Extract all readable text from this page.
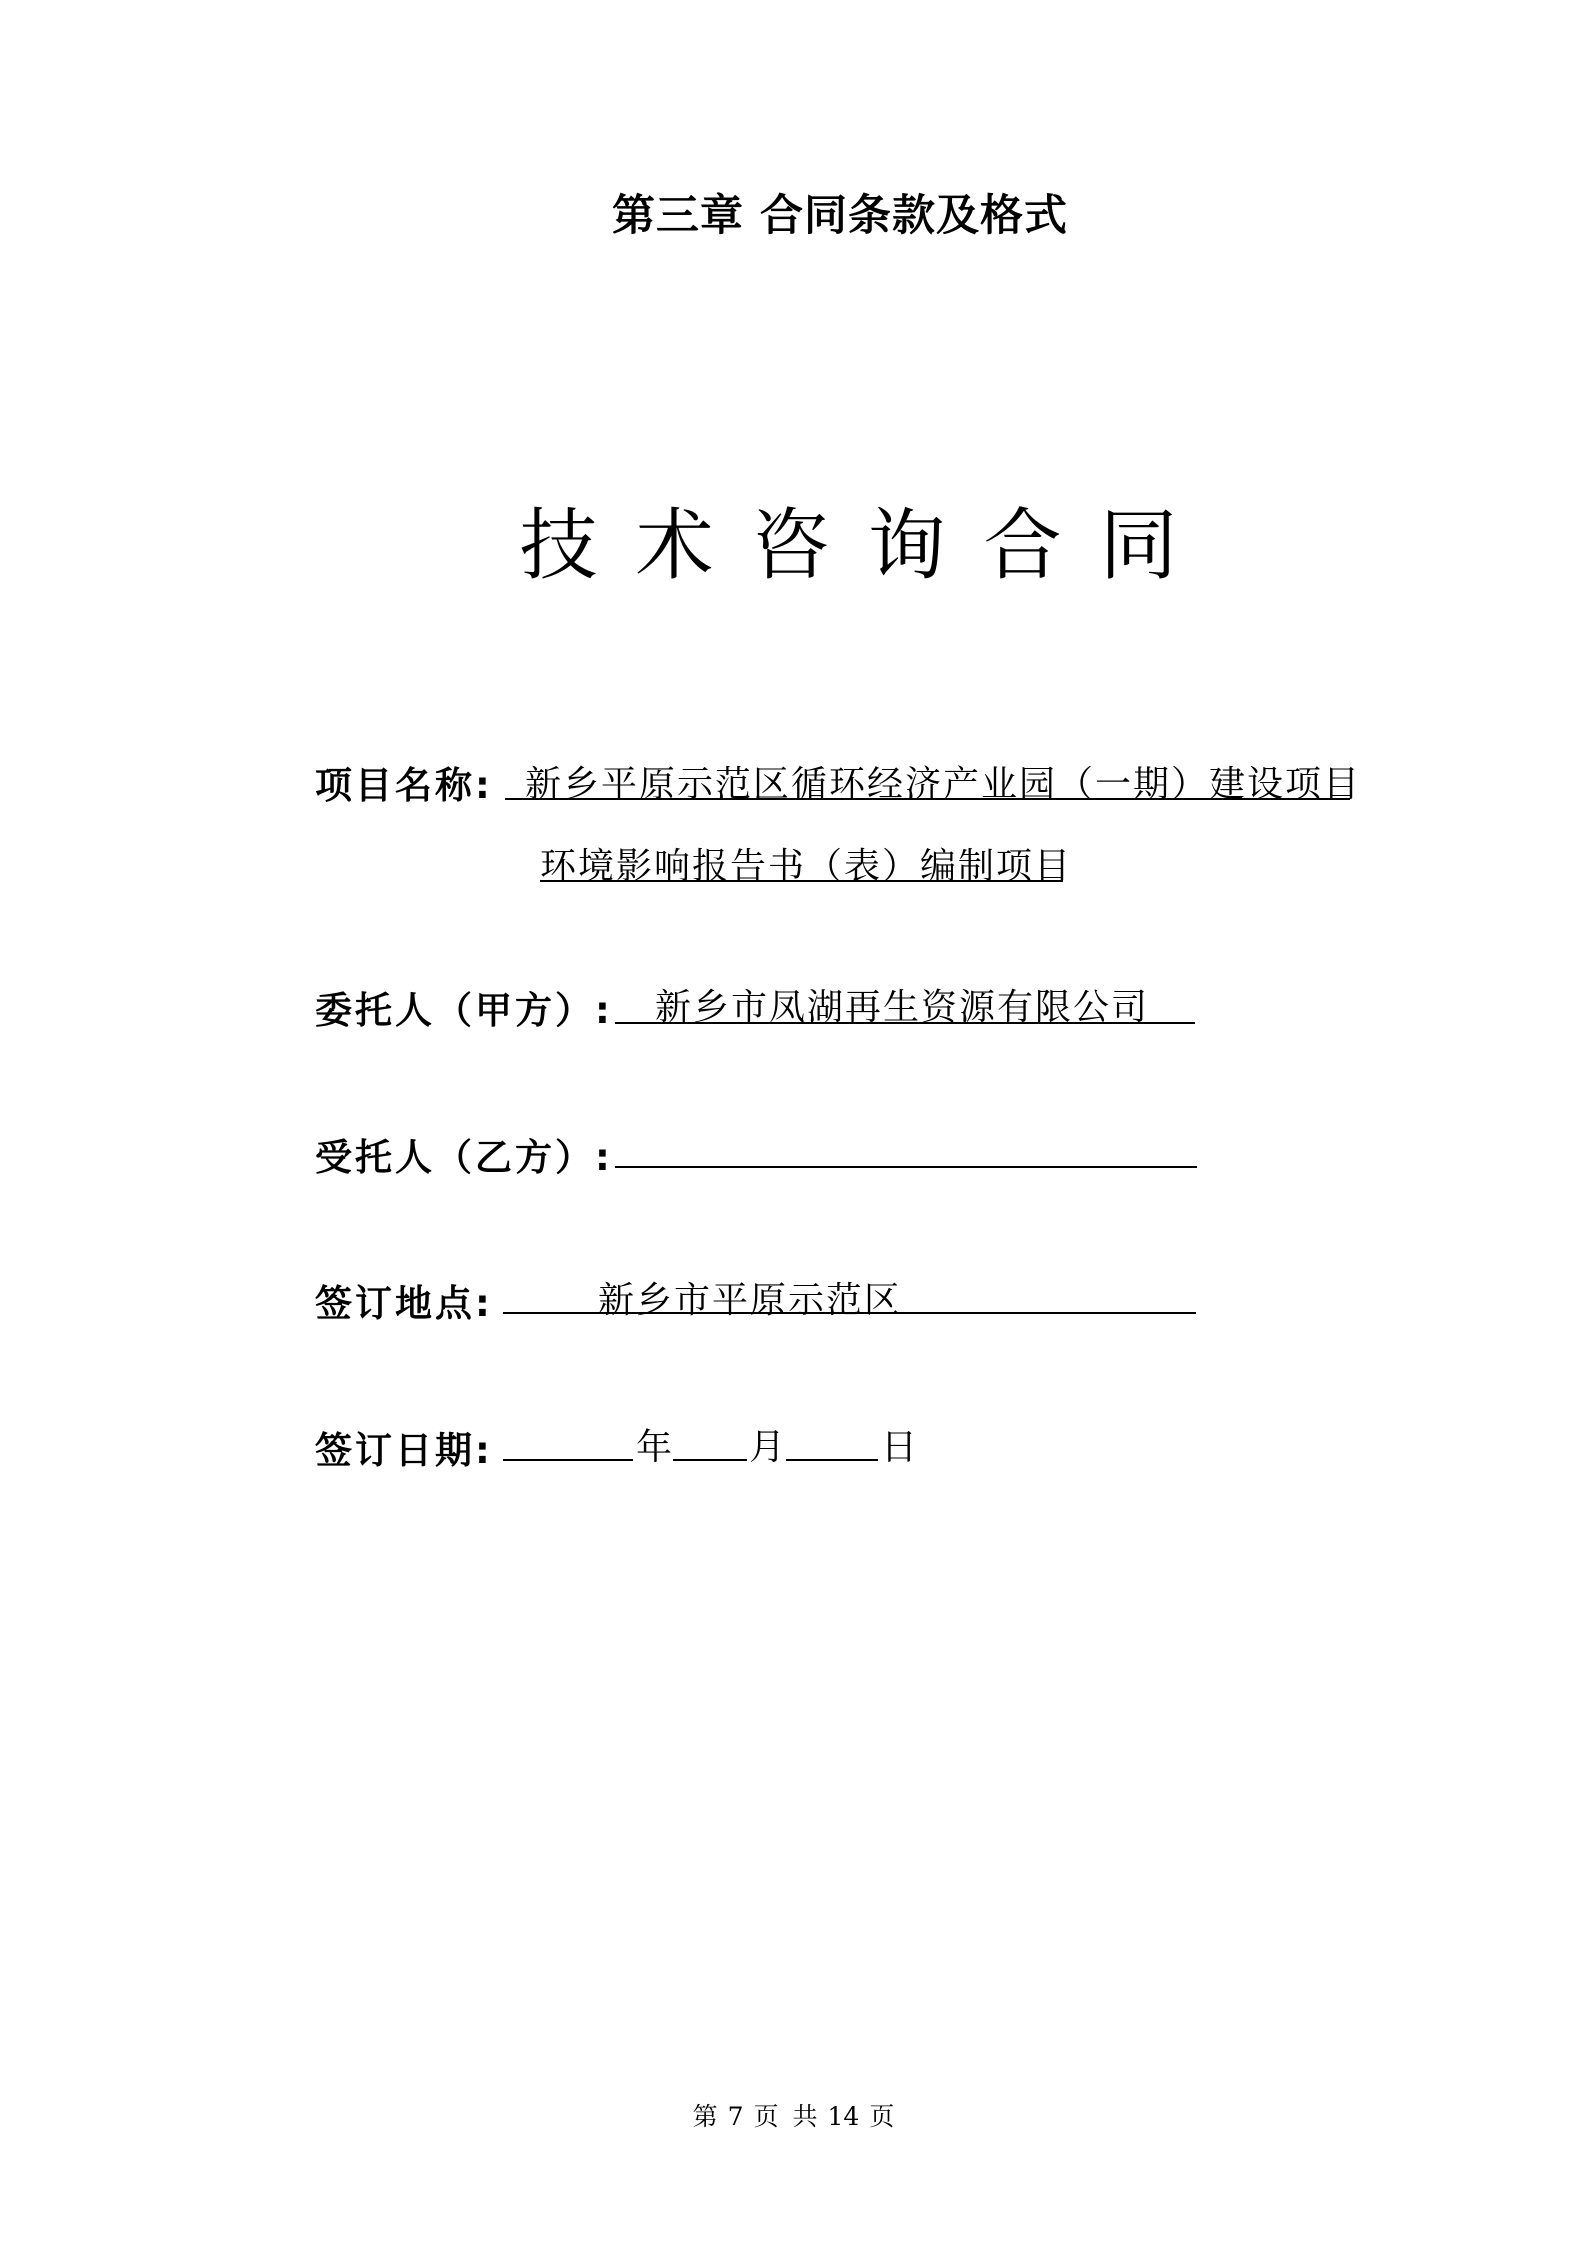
第三章 合同条款及格式
技术咨询合同
项目名称: 新乡平原示范区循环经济产业园（一期）建设项目
环境影响报告书（表）编制项目
委托人（甲方）: 新乡市凤湖再生资源有限公司
受托人（乙方）:
签订地点:	新乡市平原示范区
签订日期:	年 月	日
第 7 页 共 14 页
